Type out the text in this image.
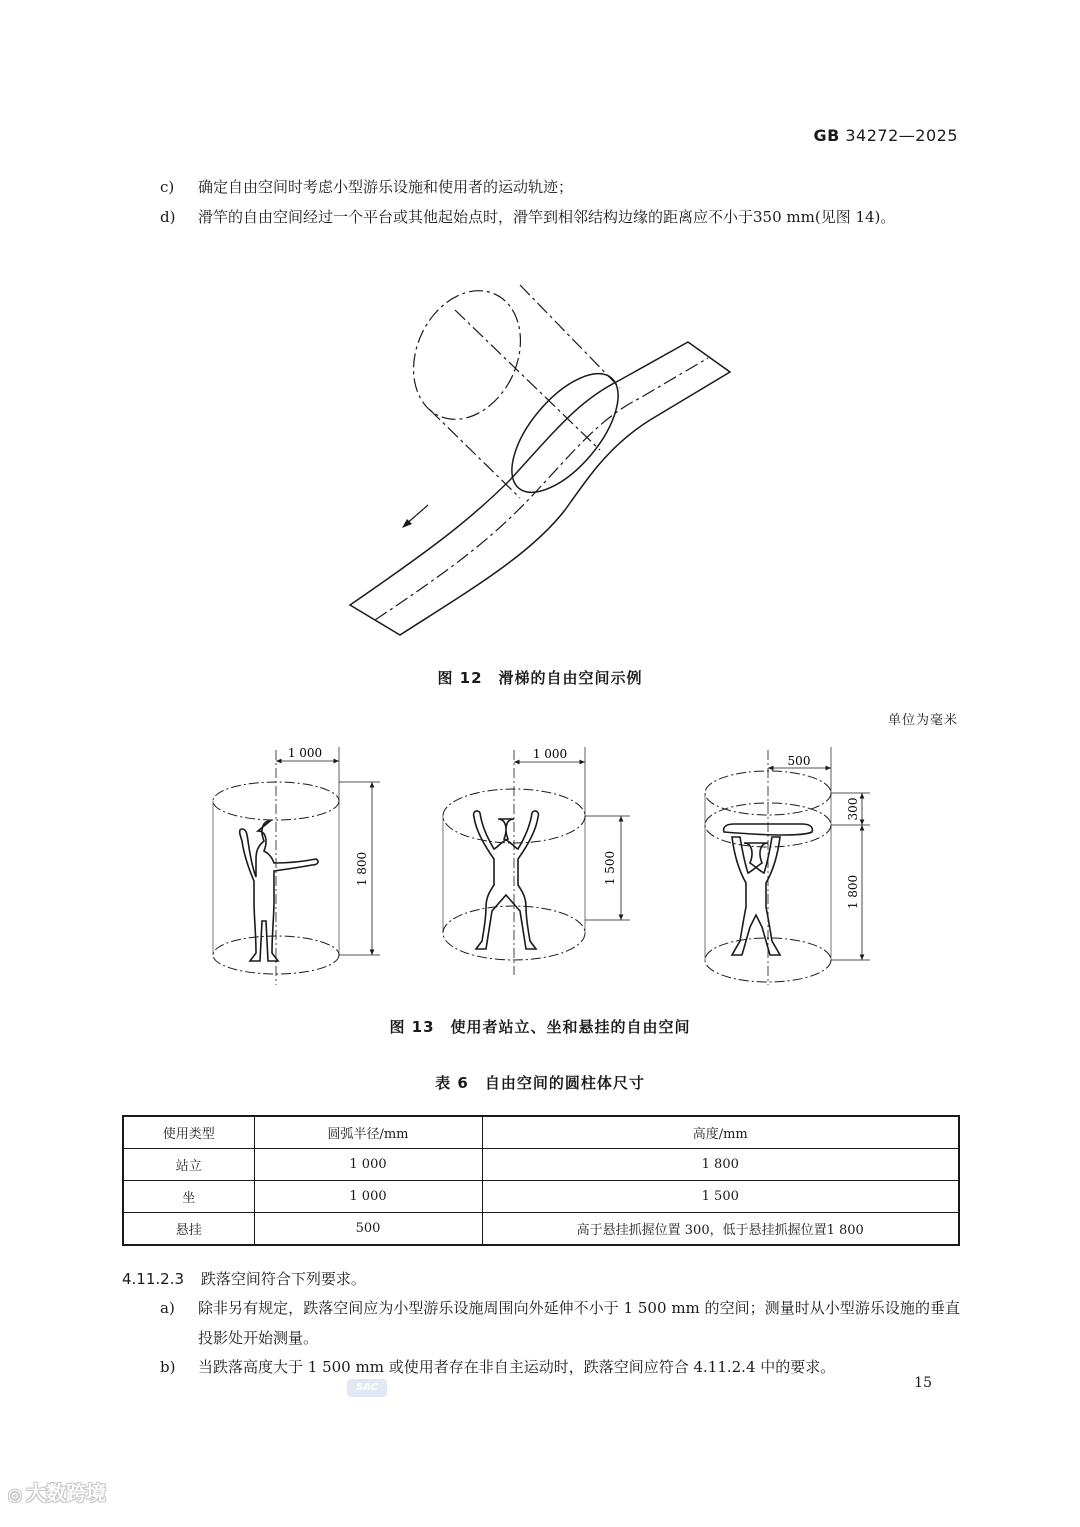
GB 34272—2025
c)	确定自由空间时考虑小型游乐设施和使用者的运动轨迹；
d)	滑竿的自由空间经过一个平台或其他起始点时，滑竿到相邻结构边缘的距离应不小于350 mm(见图 14)。
图 12　滑梯的自由空间示例
单位为毫米
1 000
1 800
1 000
1 500
500
300
1 800
图 13　使用者站立、坐和悬挂的自由空间
表 6　自由空间的圆柱体尺寸
使用类型	圆弧半径/mm	高度/mm
站立	1 000	1 800
坐	1 000	1 500
悬挂	500	高于悬挂抓握位置 300，低于悬挂抓握位置1 800
4.11.2.3 跌落空间符合下列要求。
a)	除非另有规定，跌落空间应为小型游乐设施周围向外延伸不小于 1 500 mm 的空间；测量时从小型游乐设施的垂直投影处开始测量。
b)	当跌落高度大于 1 500 mm 或使用者存在非自主运动时，跌落空间应符合 4.11.2.4 中的要求。
SAC	15
◎ 大数跨境
